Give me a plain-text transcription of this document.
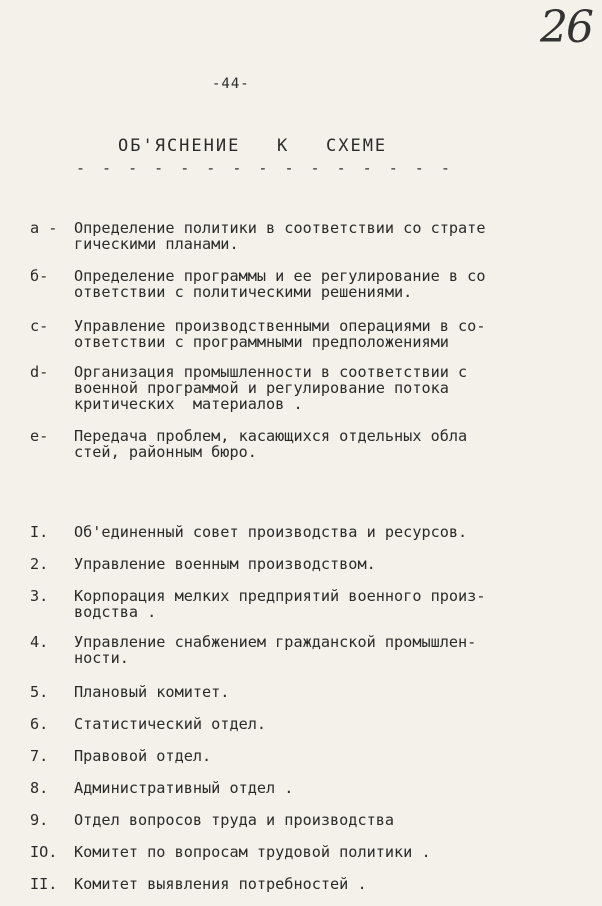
26
-44-
ОБ'ЯСНЕНИЕ   К   СХЕМЕ
- - - - - - - - - - - - - - -
a -	Определение политики в соответствии со страте
гическими планами.
б-	Определение программы и ее регулирование в со
ответствии с политическими решениями.
с-	Управление производственными операциями в со-
ответствии с программными предположениями
d-	Организация промышленности в соответствии с
военной программой и регулирование потока
критических  материалов .
е-	Передача проблем, касающихся отдельных обла
стей, районным бюро.
I.	Об'единенный совет производства и ресурсов.
2.	Управление военным производством.
3.	Корпорация мелких предприятий военного произ-
водства .
4.	Управление снабжением гражданской промышлен-
ности.
5.	Плановый комитет.
6.	Статистический отдел.
7.	Правовой отдел.
8.	Административный отдел .
9.	Отдел вопросов труда и производства
IO.	Комитет по вопросам трудовой политики .
II.	Комитет выявления потребностей .
